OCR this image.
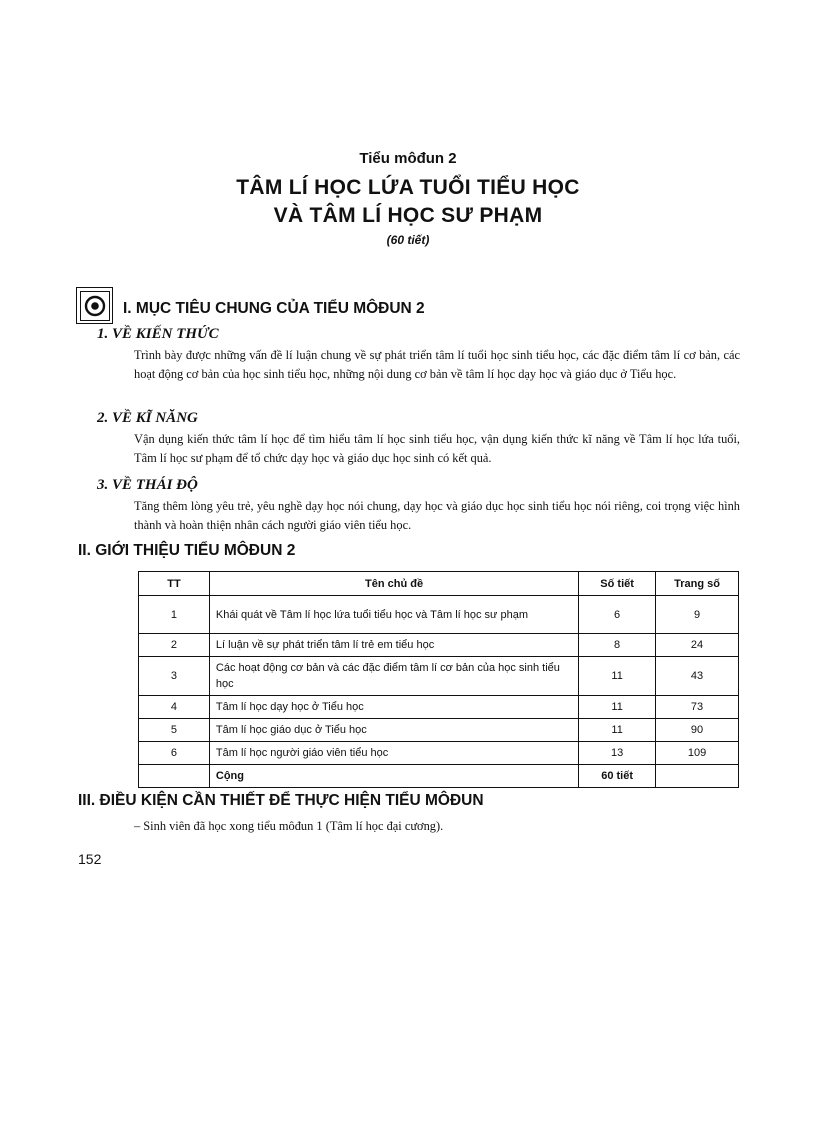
Tiểu môđun 2
TÂM LÍ HỌC LỨA TUỔI TIỂU HỌC
VÀ TÂM LÍ HỌC SƯ PHẠM
(60 tiết)
I. MỤC TIÊU CHUNG CỦA TIỂU MÔĐUN 2
1. VỀ KIẾN THỨC
Trình bày được những vấn đề lí luận chung về sự phát triển tâm lí tuổi học sinh tiểu học, các đặc điểm tâm lí cơ bản, các hoạt động cơ bản của học sinh tiểu học, những nội dung cơ bản về tâm lí học dạy học và giáo dục ở Tiểu học.
2. VỀ KĨ NĂNG
Vận dụng kiến thức tâm lí học để tìm hiểu tâm lí học sinh tiểu học, vận dụng kiến thức kĩ năng về Tâm lí học lứa tuổi, Tâm lí học sư phạm để tổ chức dạy học và giáo dục học sinh có kết quả.
3. VỀ THÁI ĐỘ
Tăng thêm lòng yêu trẻ, yêu nghề dạy học nói chung, dạy học và giáo dục học sinh tiểu học nói riêng, coi trọng việc hình thành và hoàn thiện nhân cách người giáo viên tiểu học.
II. GIỚI THIỆU TIỂU MÔĐUN 2
TT	Tên chủ đề	Số tiết	Trang số
1	Khái quát về Tâm lí học lứa tuổi tiểu học và Tâm lí học sư phạm	6	9
2	Lí luận về sự phát triển tâm lí trẻ em tiểu học	8	24
3	Các hoạt động cơ bản và các đặc điểm tâm lí cơ bản của học sinh tiểu học	11	43
4	Tâm lí học dạy học ở Tiểu học	11	73
5	Tâm lí học giáo dục ở Tiểu học	11	90
6	Tâm lí học người giáo viên tiểu học	13	109
	Cộng	60 tiết	
III. ĐIỀU KIỆN CẦN THIẾT ĐỂ THỰC HIỆN TIỂU MÔĐUN
– Sinh viên đã học xong tiểu môđun 1 (Tâm lí học đại cương).
152
